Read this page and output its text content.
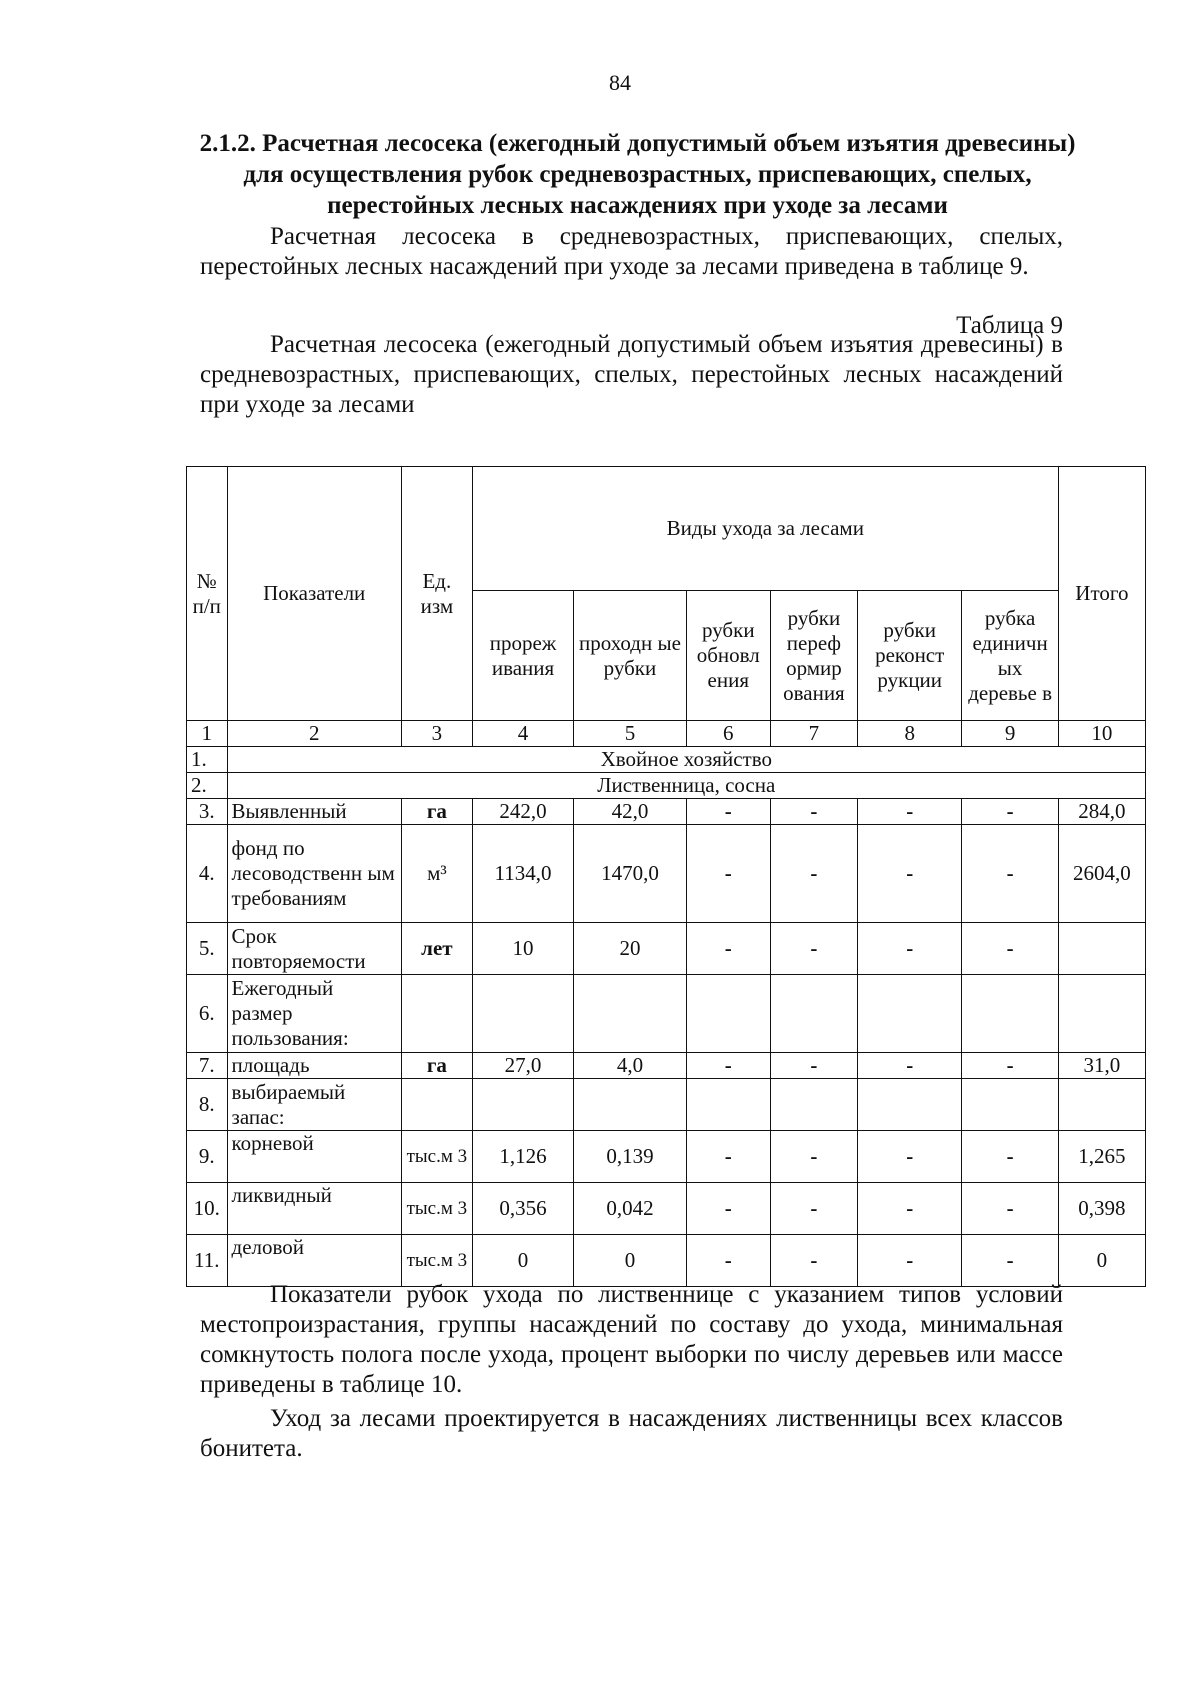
84
2.1.2. Расчетная лесосека (ежегодный допустимый объем изъятия древесины) для осуществления рубок средневозрастных, приспевающих, спелых, перестойных лесных насаждениях при уходе за лесами
Расчетная лесосека в средневозрастных, приспевающих, спелых, перестойных лесных насаждений при уходе за лесами приведена в таблице 9.
Таблица 9
Расчетная лесосека (ежегодный допустимый объем изъятия древесины) в средневозрастных, приспевающих, спелых, перестойных лесных насаждений при уходе за лесами
№ п/п	Показатели	Ед. изм	Виды ухода за лесами						Итого
			прореж ивания	проходн ые рубки	рубки обновл ения	рубки переф ормир ования	рубки реконст рукции	рубка единичн ых деревье в	
1	2	3	4	5	6	7	8	9	10
1.	Хвойное хозяйство								
2.	Лиственница, сосна								
3.	Выявленный	га	242,0	42,0	-	-	-	-	284,0
4.	фонд по лесоводственн ым требованиям	м³	1134,0	1470,0	-	-	-	-	2604,0
5.	Срок повторяемости	лет	10	20	-	-	-	-	
6.	Ежегодный размер пользования:								
7.	площадь	га	27,0	4,0	-	-	-	-	31,0
8.	выбираемый запас:								
9.	корневой	тыс.м 3	1,126	0,139	-	-	-	-	1,265
10.	ликвидный	тыс.м 3	0,356	0,042	-	-	-	-	0,398
11.	деловой	тыс.м 3	0	0	-	-	-	-	0
Показатели рубок ухода по лиственнице с указанием типов условий местопроизрастания, группы насаждений по составу до ухода, минимальная сомкнутость полога после ухода, процент выборки по числу деревьев или массе приведены в таблице 10.
Уход за лесами проектируется в насаждениях лиственницы всех классов бонитета.
